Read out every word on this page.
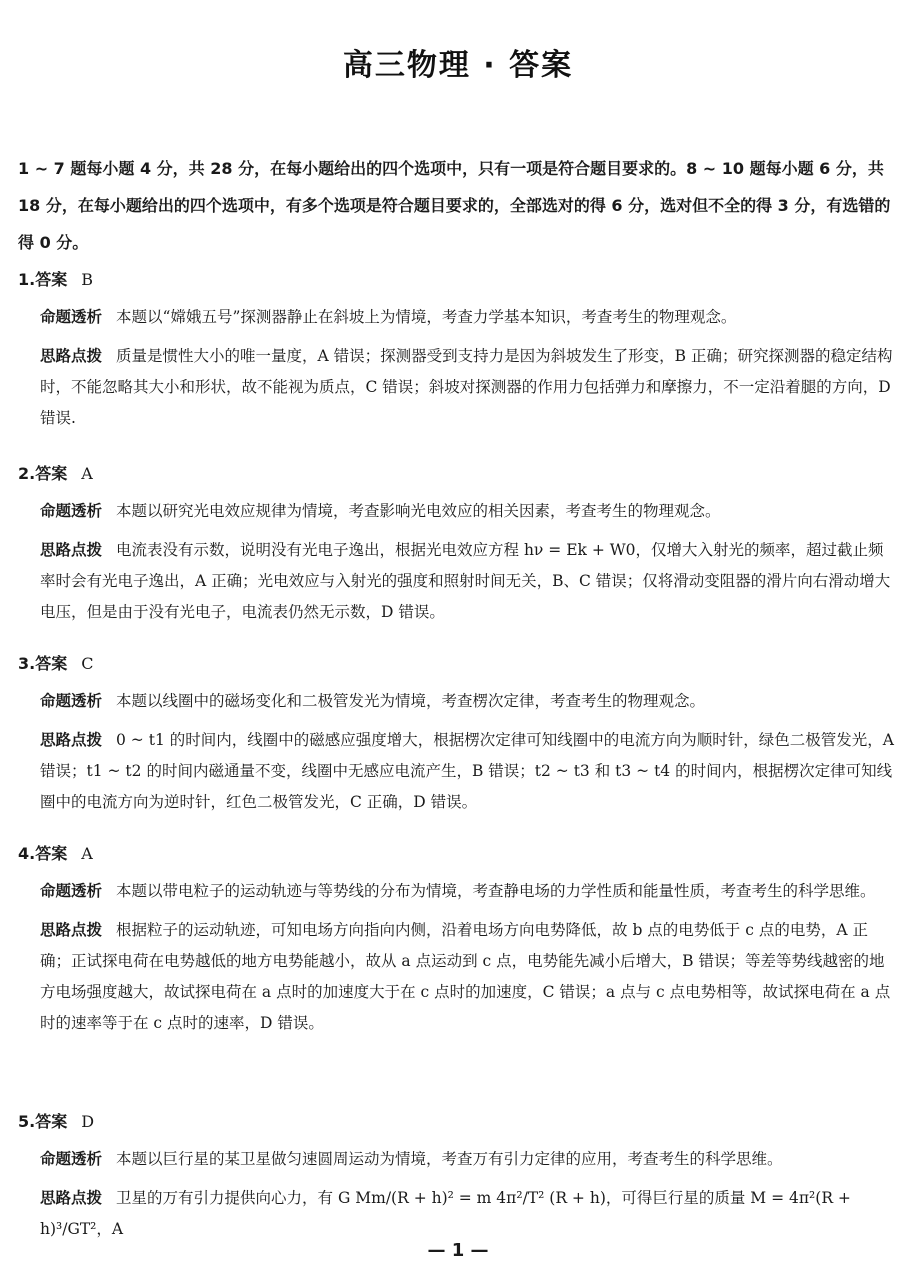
高三物理 · 答案
1 ~ 7 题每小题 4 分，共 28 分，在每小题给出的四个选项中，只有一项是符合题目要求的。8 ~ 10 题每小题 6 分，共 18 分，在每小题给出的四个选项中，有多个选项是符合题目要求的，全部选对的得 6 分，选对但不全的得 3 分，有选错的得 0 分。
1.答案 B
命题透析 本题以“嫦娥五号”探测器静止在斜坡上为情境，考查力学基本知识，考查考生的物理观念。
思路点拨 质量是惯性大小的唯一量度，A 错误；探测器受到支持力是因为斜坡发生了形变，B 正确；研究探测器的稳定结构时，不能忽略其大小和形状，故不能视为质点，C 错误；斜坡对探测器的作用力包括弹力和摩擦力，不一定沿着腿的方向，D 错误.
2.答案 A
命题透析 本题以研究光电效应规律为情境，考查影响光电效应的相关因素，考查考生的物理观念。
思路点拨 电流表没有示数，说明没有光电子逸出，根据光电效应方程 hν = Ek + W0，仅增大入射光的频率，超过截止频率时会有光电子逸出，A 正确；光电效应与入射光的强度和照射时间无关，B、C 错误；仅将滑动变阻器的滑片向右滑动增大电压，但是由于没有光电子，电流表仍然无示数，D 错误。
3.答案 C
命题透析 本题以线圈中的磁场变化和二极管发光为情境，考查楞次定律，考查考生的物理观念。
思路点拨 0 ~ t1 的时间内，线圈中的磁感应强度增大，根据楞次定律可知线圈中的电流方向为顺时针，绿色二极管发光，A 错误；t1 ~ t2 的时间内磁通量不变，线圈中无感应电流产生，B 错误；t2 ~ t3 和 t3 ~ t4 的时间内，根据楞次定律可知线圈中的电流方向为逆时针，红色二极管发光，C 正确，D 错误。
4.答案 A
命题透析 本题以带电粒子的运动轨迹与等势线的分布为情境，考查静电场的力学性质和能量性质，考查考生的科学思维。
思路点拨 根据粒子的运动轨迹，可知电场方向指向内侧，沿着电场方向电势降低，故 b 点的电势低于 c 点的电势，A 正确；正试探电荷在电势越低的地方电势能越小，故从 a 点运动到 c 点，电势能先减小后增大，B 错误；等差等势线越密的地方电场强度越大，故试探电荷在 a 点时的加速度大于在 c 点时的加速度，C 错误；a 点与 c 点电势相等，故试探电荷在 a 点时的速率等于在 c 点时的速率，D 错误。
5.答案 D
命题透析 本题以巨行星的某卫星做匀速圆周运动为情境，考查万有引力定律的应用，考查考生的科学思维。
思路点拨 卫星的万有引力提供向心力，有 G Mm/(R + h)² = m 4π²/T² (R + h)，可得巨行星的质量 M = 4π²(R + h)³/GT²，A
— 1 —
